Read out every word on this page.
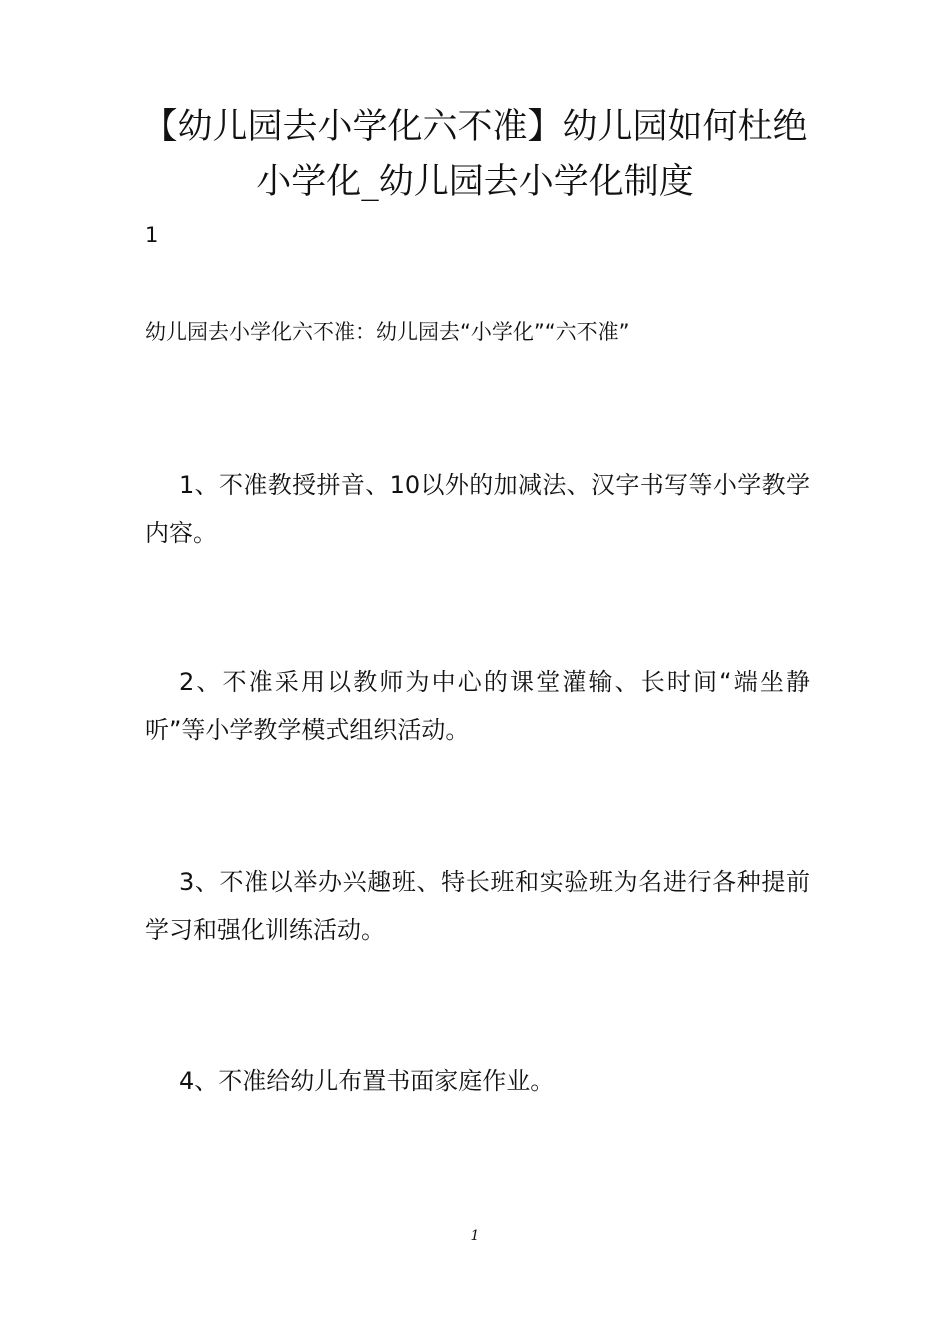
【幼儿园去小学化六不准】幼儿园如何杜绝小学化_幼儿园去小学化制度
1
幼儿园去小学化六不准：幼儿园去“小学化”“六不准”

1、不准教授拼音、10以外的加减法、汉字书写等小学教学内容。

2、不准采用以教师为中心的课堂灌输、长时间“端坐静听”等小学教学模式组织活动。

3、不准以举办兴趣班、特长班和实验班为名进行各种提前学习和强化训练活动。

4、不准给幼儿布置书面家庭作业。

1
